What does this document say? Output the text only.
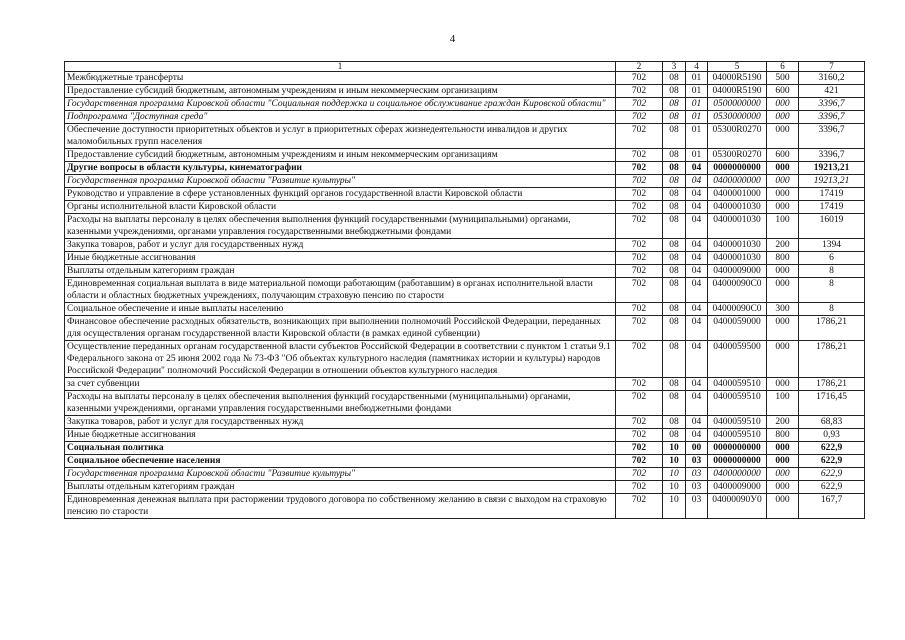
4
1	2	3	4	5	6	7
Межбюджетные трансферты	702	08	01	04000R5190	500	3160,2
Предоставление субсидий бюджетным, автономным учреждениям и иным некоммерческим организациям	702	08	01	04000R5190	600	421
Государственная программа Кировской области "Социальная поддержка и социальное обслуживание граждан Кировской области"	702	08	01	0500000000	000	3396,7
Подпрограмма "Доступная среда"	702	08	01	0530000000	000	3396,7
Обеспечение доступности приоритетных объектов и услуг в приоритетных сферах жизнедеятельности инвалидов и других маломобильных групп населения	702	08	01	05300R0270	000	3396,7
Предоставление субсидий бюджетным, автономным учреждениям и иным некоммерческим организациям	702	08	01	05300R0270	600	3396,7
Другие вопросы в области культуры, кинематографии	702	08	04	0000000000	000	19213,21
Государственная программа Кировской области "Развитие культуры"	702	08	04	0400000000	000	19213,21
Руководство и управление в сфере установленных функций органов государственной власти Кировской области	702	08	04	0400001000	000	17419
Органы исполнительной власти Кировской области	702	08	04	0400001030	000	17419
Расходы на выплаты персоналу в целях обеспечения выполнения функций государственными (муниципальными) органами, казенными учреждениями, органами управления государственными внебюджетными фондами	702	08	04	0400001030	100	16019
Закупка товаров, работ и услуг для государственных нужд	702	08	04	0400001030	200	1394
Иные бюджетные ассигнования	702	08	04	0400001030	800	6
Выплаты отдельным категориям граждан	702	08	04	0400009000	000	8
Единовременная социальная выплата в виде материальной помощи работающим (работавшим) в органах исполнительной власти области и областных бюджетных учреждениях, получающим страховую пенсию по старости	702	08	04	04000090С0	000	8
Социальное обеспечение и иные выплаты населению	702	08	04	04000090С0	300	8
Финансовое обеспечение расходных обязательств, возникающих при выполнении полномочий Российской Федерации, переданных для осуществления органам государственной власти Кировской области (в рамках единой субвенции)	702	08	04	0400059000	000	1786,21
Осуществление переданных органам государственной власти субъектов Российской Федерации в соответствии с пунктом 1 статьи 9.1 Федерального закона от 25 июня 2002 года № 73-ФЗ "Об объектах культурного наследия (памятниках истории и культуры) народов Российской Федерации" полномочий Российской Федерации в отношении объектов культурного наследия	702	08	04	0400059500	000	1786,21
за счет субвенции	702	08	04	0400059510	000	1786,21
Расходы на выплаты персоналу в целях обеспечения выполнения функций государственными (муниципальными) органами, казенными учреждениями, органами управления государственными внебюджетными фондами	702	08	04	0400059510	100	1716,45
Закупка товаров, работ и услуг для государственных нужд	702	08	04	0400059510	200	68,83
Иные бюджетные ассигнования	702	08	04	0400059510	800	0,93
Социальная политика	702	10	00	0000000000	000	622,9
Социальное обеспечение населения	702	10	03	0000000000	000	622,9
Государственная программа Кировской области "Развитие культуры"	702	10	03	0400000000	000	622,9
Выплаты отдельным категориям граждан	702	10	03	0400009000	000	622,9
Единовременная денежная выплата при расторжении трудового договора по собственному желанию в связи с выходом на страховую пенсию по старости	702	10	03	04000090У0	000	167,7
